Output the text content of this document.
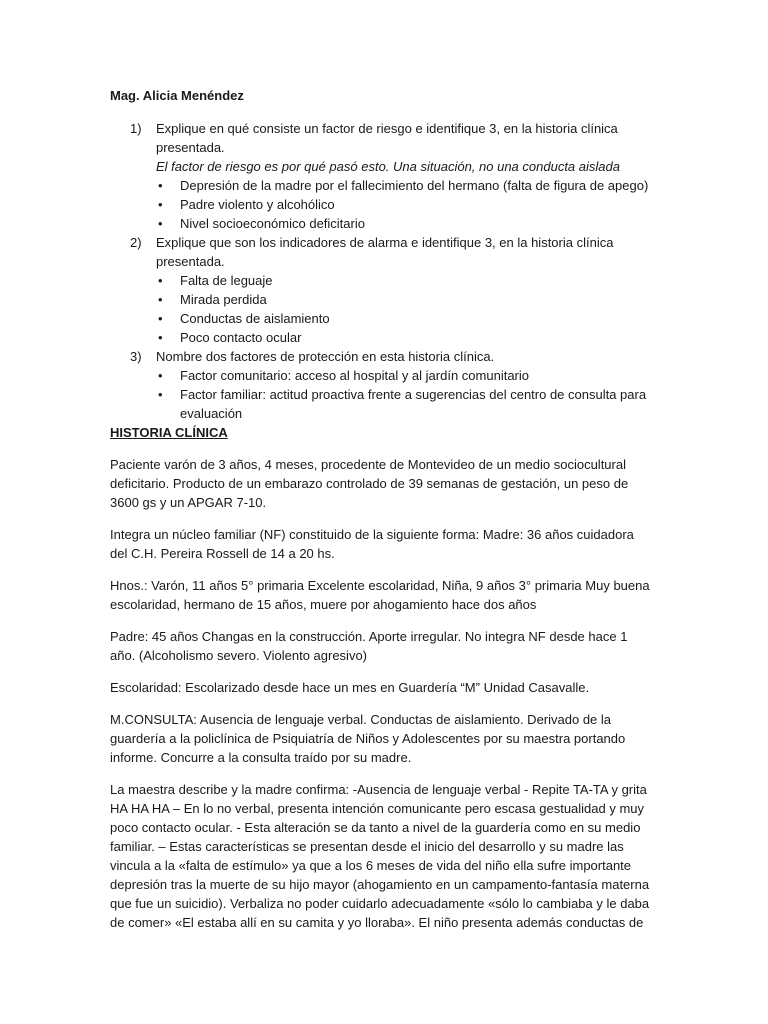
Mag. Alicia Menéndez
1) Explique en qué consiste un factor de riesgo e identifique 3, en la historia clínica presentada.
El factor de riesgo es por qué pasó esto. Una situación, no una conducta aislada
• Depresión de la madre por el fallecimiento del hermano (falta de figura de apego)
• Padre violento y alcohólico
• Nivel socioeconómico deficitario
2) Explique que son los indicadores de alarma e identifique 3, en la historia clínica presentada.
• Falta de leguaje
• Mirada perdida
• Conductas de aislamiento
• Poco contacto ocular
3) Nombre dos factores de protección en esta historia clínica.
• Factor comunitario: acceso al hospital y al jardín comunitario
• Factor familiar: actitud proactiva frente a sugerencias del centro de consulta para evaluación
HISTORIA CLÍNICA

Paciente varón de 3 años, 4 meses, procedente de Montevideo de un medio sociocultural deficitario. Producto de un embarazo controlado de 39 semanas de gestación, un peso de 3600 gs y un APGAR 7-10.

Integra un núcleo familiar (NF) constituido de la siguiente forma: Madre: 36 años cuidadora del C.H. Pereira Rossell de 14 a 20 hs.

Hnos.: Varón, 11 años 5° primaria Excelente escolaridad, Niña, 9 años 3° primaria Muy buena escolaridad, hermano de 15 años, muere por ahogamiento hace dos años

Padre: 45 años Changas en la construcción. Aporte irregular. No integra NF desde hace 1 año. (Alcoholismo severo. Violento agresivo)

Escolaridad: Escolarizado desde hace un mes en Guardería “M” Unidad Casavalle.

M.CONSULTA: Ausencia de lenguaje verbal. Conductas de aislamiento. Derivado de la guardería a la policlínica de Psiquiatría de Niños y Adolescentes por su maestra portando informe. Concurre a la consulta traído por su madre.

La maestra describe y la madre confirma: -Ausencia de lenguaje verbal - Repite TA-TA y grita HA HA HA – En lo no verbal, presenta intención comunicante pero escasa gestualidad y muy poco contacto ocular. - Esta alteración se da tanto a nivel de la guardería como en su medio familiar. – Estas características se presentan desde el inicio del desarrollo y su madre las vincula a la «falta de estímulo» ya que a los 6 meses de vida del niño ella sufre importante depresión tras la muerte de su hijo mayor (ahogamiento en un campamento-fantasía materna que fue un suicidio). Verbaliza no poder cuidarlo adecuadamente «sólo lo cambiaba y le daba de comer» «El estaba allí en su camita y yo lloraba». El niño presenta además conductas de
